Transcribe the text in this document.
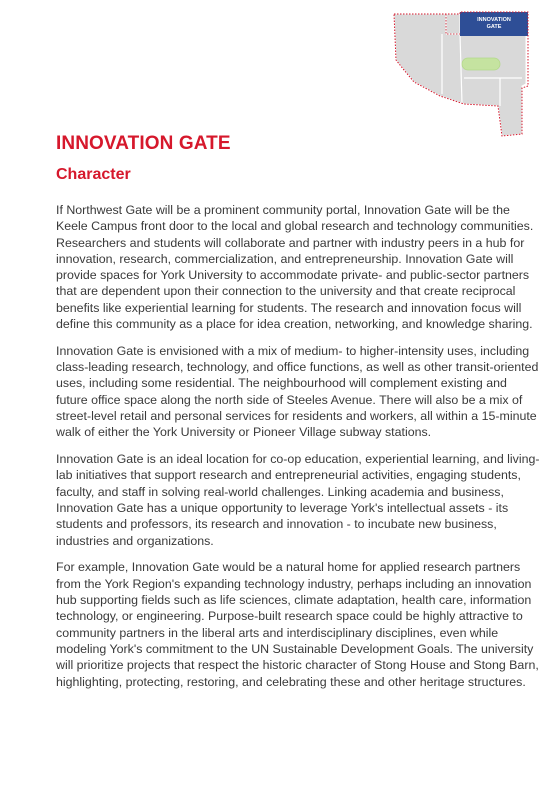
INNOVATION
GATE
INNOVATION GATE
Character

If Northwest Gate will be a prominent community portal, Innovation Gate will be the Keele Campus front door to the local and global research and technology communities. Researchers and students will collaborate and partner with industry peers in a hub for innovation, research, commercialization, and entrepreneurship. Innovation Gate will provide spaces for York University to accommodate private- and public-sector partners that are dependent upon their connection to the university and that create reciprocal benefits like experiential learning for students. The research and innovation focus will define this community as a place for idea creation, networking, and knowledge sharing.

Innovation Gate is envisioned with a mix of medium- to higher-intensity uses, including class-leading research, technology, and office functions, as well as other transit-oriented uses, including some residential. The neighbourhood will complement existing and future office space along the north side of Steeles Avenue. There will also be a mix of street-level retail and personal services for residents and workers, all within a 15-minute walk of either the York University or Pioneer Village subway stations.

Innovation Gate is an ideal location for co-op education, experiential learning, and living-lab initiatives that support research and entrepreneurial activities, engaging students, faculty, and staff in solving real-world challenges. Linking academia and business, Innovation Gate has a unique opportunity to leverage York's intellectual assets - its students and professors, its research and innovation - to incubate new business, industries and organizations.

For example, Innovation Gate would be a natural home for applied research partners from the York Region's expanding technology industry, perhaps including an innovation hub supporting fields such as life sciences, climate adaptation, health care, information technology, or engineering. Purpose-built research space could be highly attractive to community partners in the liberal arts and interdisciplinary disciplines, even while modeling York's commitment to the UN Sustainable Development Goals. The university will prioritize projects that respect the historic character of Stong House and Stong Barn, highlighting, protecting, restoring, and celebrating these and other heritage structures.
